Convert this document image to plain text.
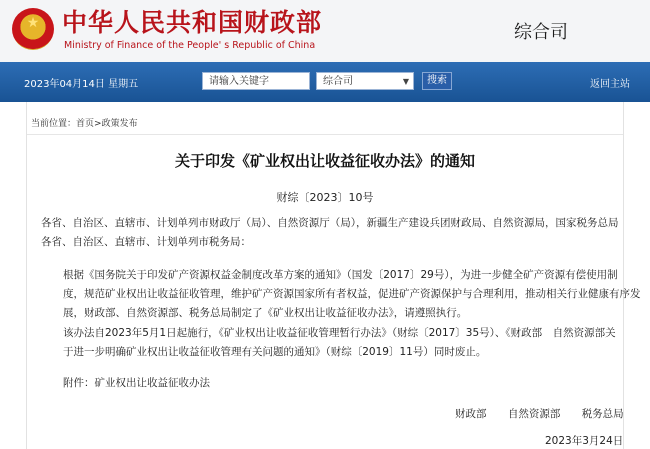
★ 中华人民共和国财政部
Ministry of Finance of the People' s Republic of China
综合司
2023年04月14日 星期五	请输入关键字	综合司	▼	搜索	返回主站
当前位置：首页>政策发布
关于印发《矿业权出让收益征收办法》的通知
财综〔2023〕10号
各省、自治区、直辖市、计划单列市财政厅（局）、自然资源厅（局），新疆生产建设兵团财政局、自然资源局，国家税务总局
各省、自治区、直辖市、计划单列市税务局：
根据《国务院关于印发矿产资源权益金制度改革方案的通知》（国发〔2017〕29号），为进一步健全矿产资源有偿使用制
度，规范矿业权出让收益征收管理，维护矿产资源国家所有者权益，促进矿产资源保护与合理利用，推动相关行业健康有序发
展，财政部、自然资源部、税务总局制定了《矿业权出让收益征收办法》，请遵照执行。
该办法自2023年5月1日起施行，《矿业权出让收益征收管理暂行办法》（财综〔2017〕35号）、《财政部　自然资源部关
于进一步明确矿业权出让收益征收管理有关问题的通知》（财综〔2019〕11号）同时废止。
附件：矿业权出让收益征收办法
财政部 自然资源部 税务总局
2023年3月24日
